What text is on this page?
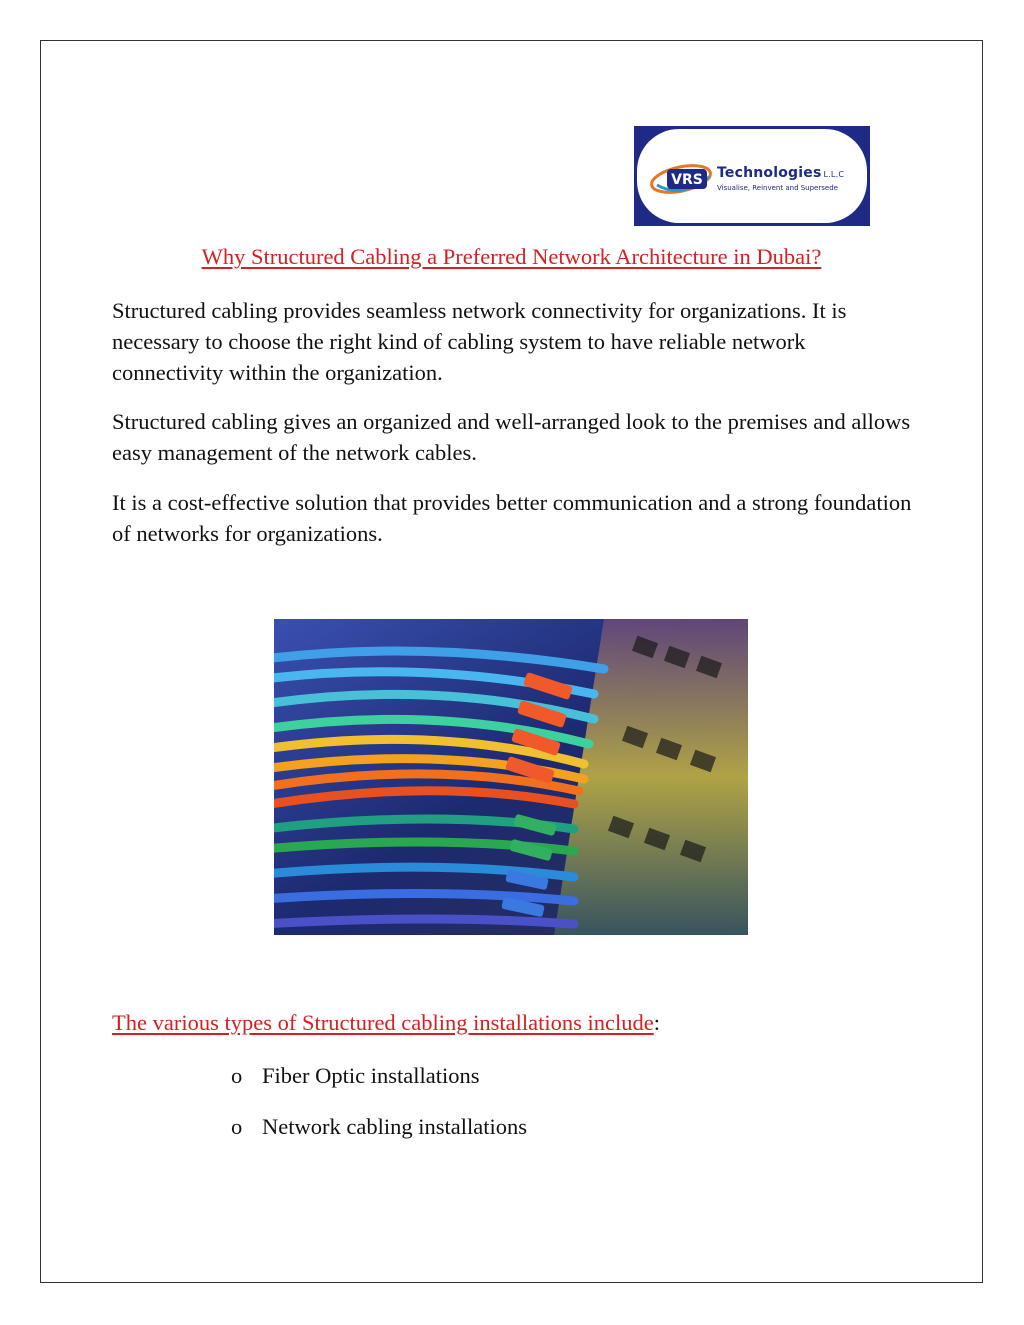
VRS Technologies L.L.C
Visualise, Reinvent and Supersede
Why Structured Cabling a Preferred Network Architecture in Dubai?

Structured cabling provides seamless network connectivity for organizations. It is necessary to choose the right kind of cabling system to have reliable network connectivity within the organization.

Structured cabling gives an organized and well-arranged look to the premises and allows easy management of the network cables.

It is a cost-effective solution that provides better communication and a strong foundation of networks for organizations.

The various types of Structured cabling installations include:
o Fiber Optic installations
o Network cabling installations
